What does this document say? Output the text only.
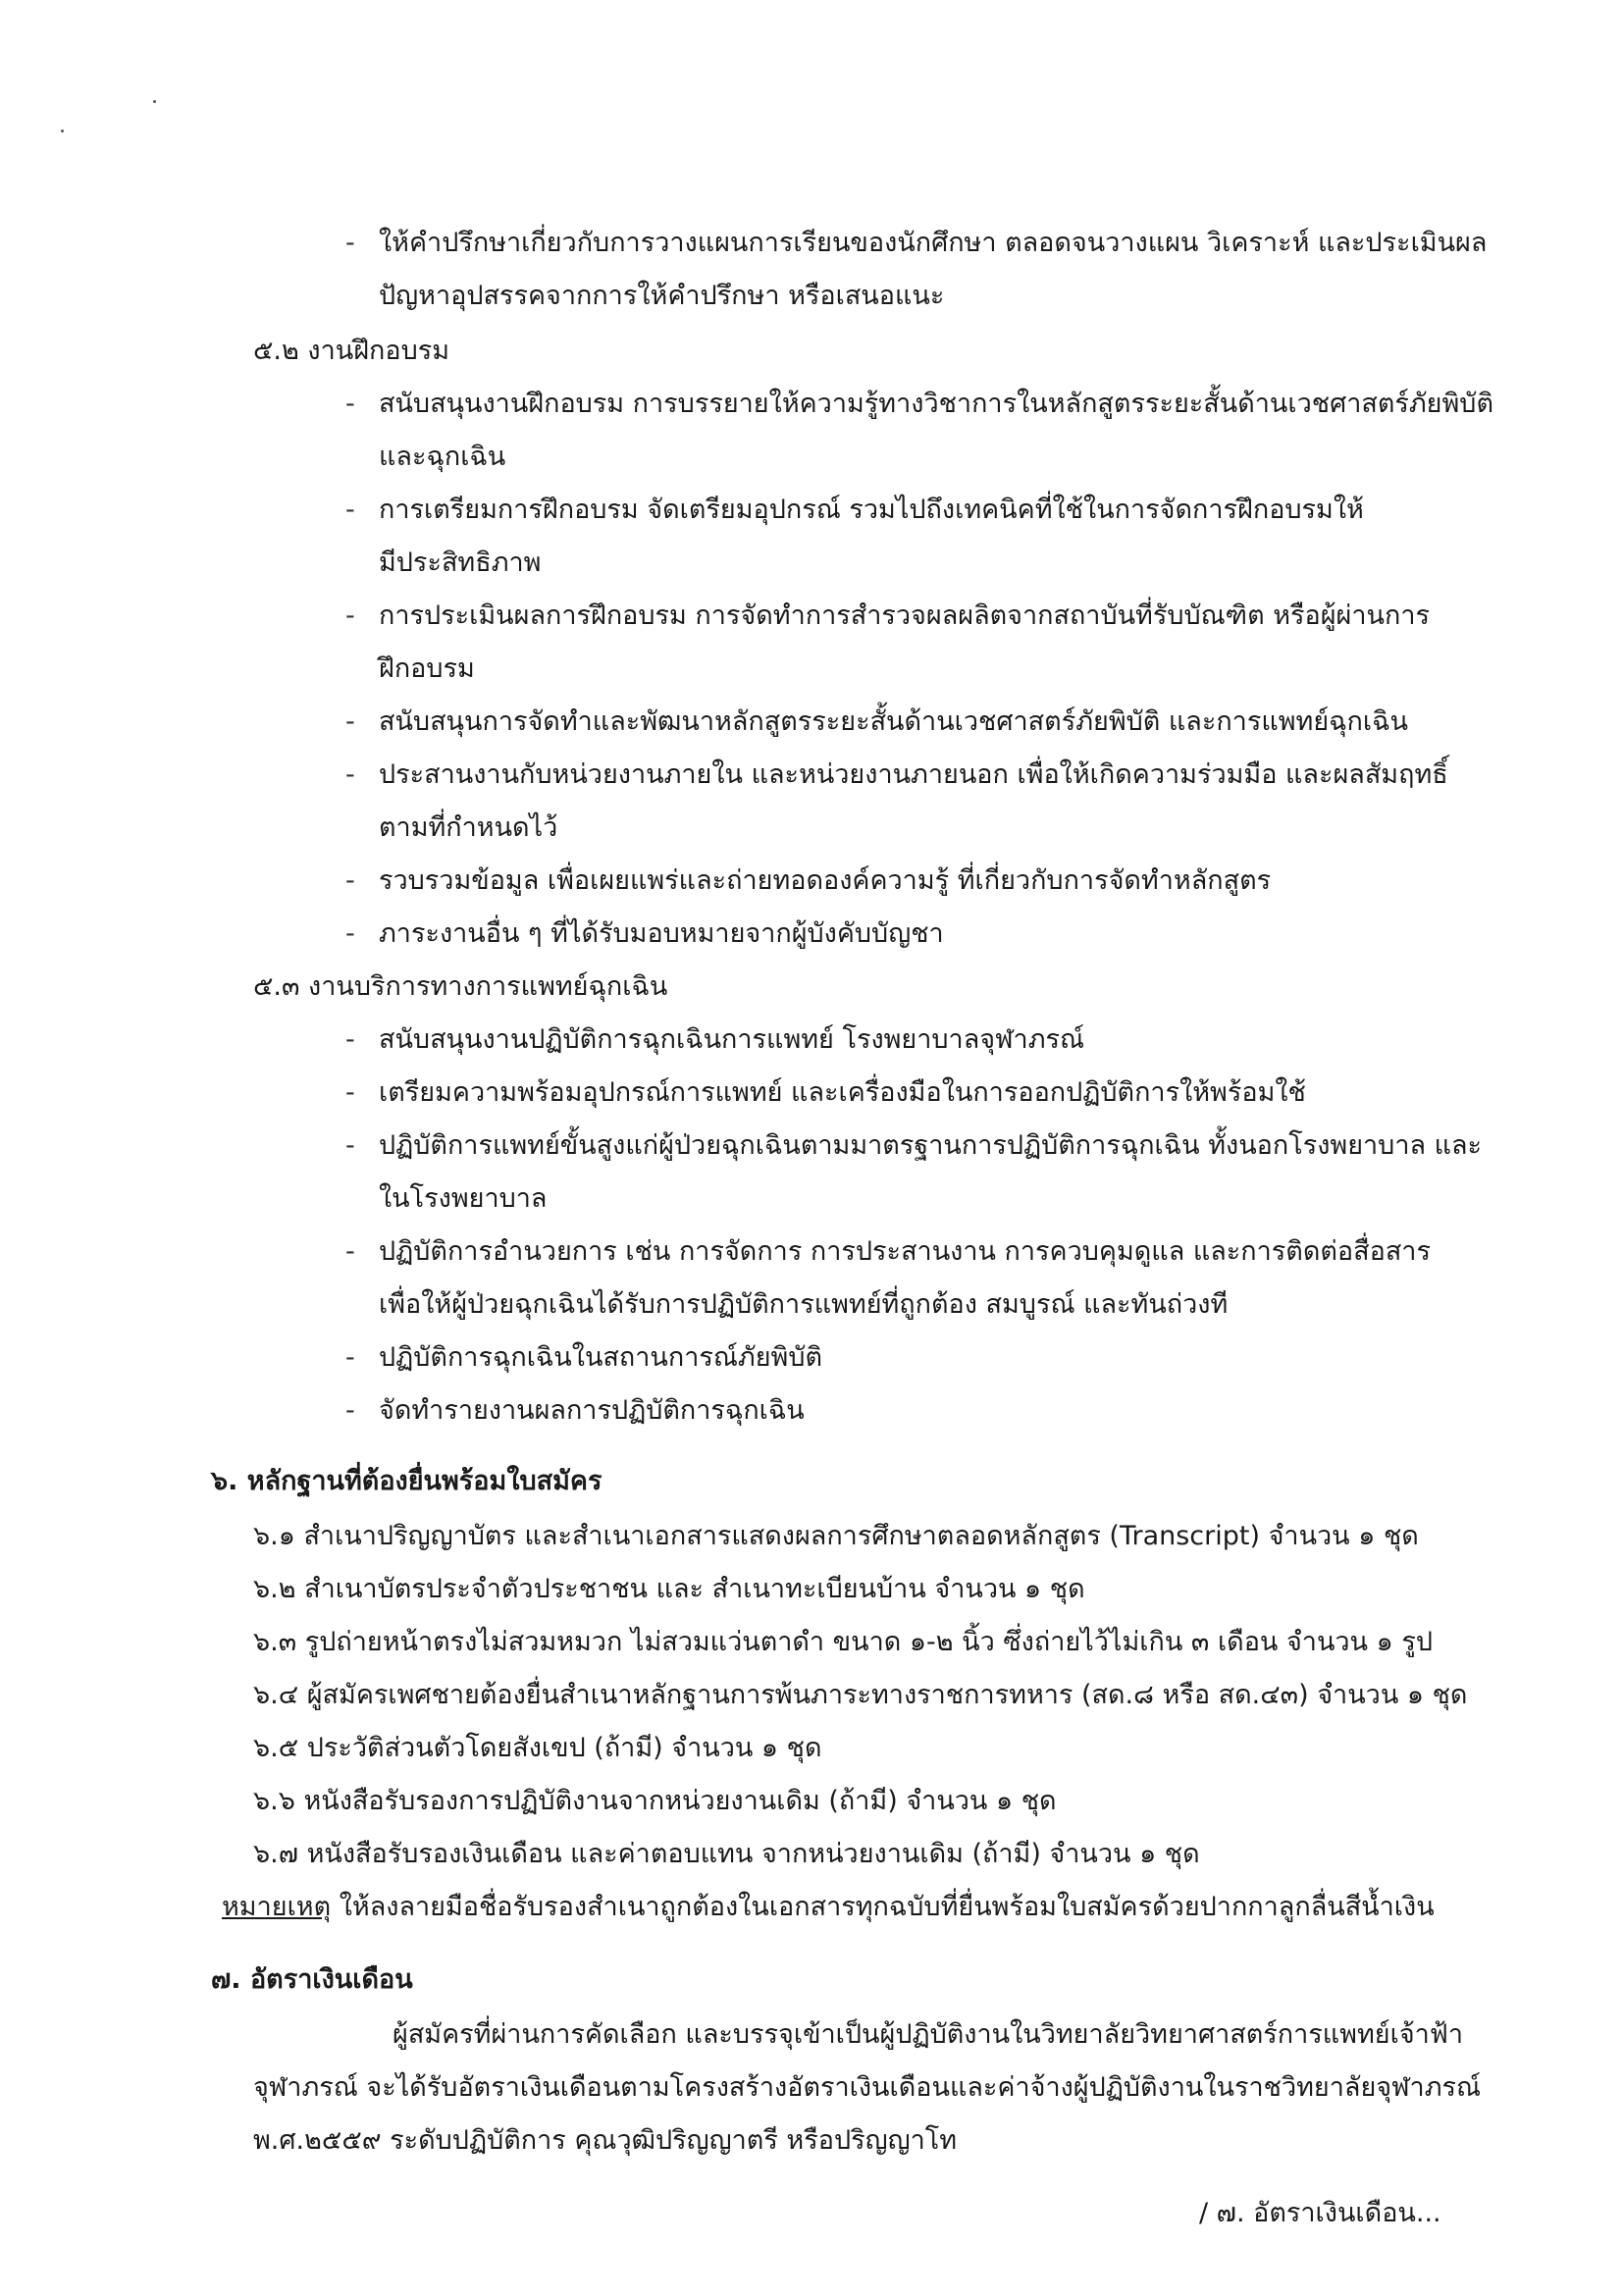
- ให้คำปรึกษาเกี่ยวกับการวางแผนการเรียนของนักศึกษา ตลอดจนวางแผน วิเคราะห์ และประเมินผล
ปัญหาอุปสรรคจากการให้คำปรึกษา หรือเสนอแนะ
๕.๒ งานฝึกอบรม
- สนับสนุนงานฝึกอบรม การบรรยายให้ความรู้ทางวิชาการในหลักสูตรระยะสั้นด้านเวชศาสตร์ภัยพิบัติ
และฉุกเฉิน
- การเตรียมการฝึกอบรม จัดเตรียมอุปกรณ์ รวมไปถึงเทคนิคที่ใช้ในการจัดการฝึกอบรมให้
มีประสิทธิภาพ
- การประเมินผลการฝึกอบรม การจัดทำการสำรวจผลผลิตจากสถาบันที่รับบัณฑิต หรือผู้ผ่านการ
ฝึกอบรม
- สนับสนุนการจัดทำและพัฒนาหลักสูตรระยะสั้นด้านเวชศาสตร์ภัยพิบัติ และการแพทย์ฉุกเฉิน
- ประสานงานกับหน่วยงานภายใน และหน่วยงานภายนอก เพื่อให้เกิดความร่วมมือ และผลสัมฤทธิ์
ตามที่กำหนดไว้
- รวบรวมข้อมูล เพื่อเผยแพร่และถ่ายทอดองค์ความรู้ ที่เกี่ยวกับการจัดทำหลักสูตร
- ภาระงานอื่น ๆ ที่ได้รับมอบหมายจากผู้บังคับบัญชา
๕.๓ งานบริการทางการแพทย์ฉุกเฉิน
- สนับสนุนงานปฏิบัติการฉุกเฉินการแพทย์ โรงพยาบาลจุฬาภรณ์
- เตรียมความพร้อมอุปกรณ์การแพทย์ และเครื่องมือในการออกปฏิบัติการให้พร้อมใช้
- ปฏิบัติการแพทย์ขั้นสูงแก่ผู้ป่วยฉุกเฉินตามมาตรฐานการปฏิบัติการฉุกเฉิน ทั้งนอกโรงพยาบาล และ
ในโรงพยาบาล
- ปฏิบัติการอำนวยการ เช่น การจัดการ การประสานงาน การควบคุมดูแล และการติดต่อสื่อสาร
เพื่อให้ผู้ป่วยฉุกเฉินได้รับการปฏิบัติการแพทย์ที่ถูกต้อง สมบูรณ์ และทันถ่วงที
- ปฏิบัติการฉุกเฉินในสถานการณ์ภัยพิบัติ
- จัดทำรายงานผลการปฏิบัติการฉุกเฉิน
๖. หลักฐานที่ต้องยื่นพร้อมใบสมัคร
๖.๑ สำเนาปริญญาบัตร และสำเนาเอกสารแสดงผลการศึกษาตลอดหลักสูตร (Transcript) จำนวน ๑ ชุด
๖.๒ สำเนาบัตรประจำตัวประชาชน และ สำเนาทะเบียนบ้าน จำนวน ๑ ชุด
๖.๓ รูปถ่ายหน้าตรงไม่สวมหมวก ไม่สวมแว่นตาดำ ขนาด ๑-๒ นิ้ว ซึ่งถ่ายไว้ไม่เกิน ๓ เดือน จำนวน ๑ รูป
๖.๔ ผู้สมัครเพศชายต้องยื่นสำเนาหลักฐานการพ้นภาระทางราชการทหาร (สด.๘ หรือ สด.๔๓) จำนวน ๑ ชุด
๖.๕ ประวัติส่วนตัวโดยสังเขป (ถ้ามี) จำนวน ๑ ชุด
๖.๖ หนังสือรับรองการปฏิบัติงานจากหน่วยงานเดิม (ถ้ามี) จำนวน ๑ ชุด
๖.๗ หนังสือรับรองเงินเดือน และค่าตอบแทน จากหน่วยงานเดิม (ถ้ามี) จำนวน ๑ ชุด
หมายเหตุ ให้ลงลายมือชื่อรับรองสำเนาถูกต้องในเอกสารทุกฉบับที่ยื่นพร้อมใบสมัครด้วยปากกาลูกลื่นสีน้ำเงิน
๗. อัตราเงินเดือน
ผู้สมัครที่ผ่านการคัดเลือก และบรรจุเข้าเป็นผู้ปฏิบัติงานในวิทยาลัยวิทยาศาสตร์การแพทย์เจ้าฟ้า
จุฬาภรณ์ จะได้รับอัตราเงินเดือนตามโครงสร้างอัตราเงินเดือนและค่าจ้างผู้ปฏิบัติงานในราชวิทยาลัยจุฬาภรณ์
พ.ศ.๒๕๕๙ ระดับปฏิบัติการ คุณวุฒิปริญญาตรี หรือปริญญาโท
/ ๗. อัตราเงินเดือน...
